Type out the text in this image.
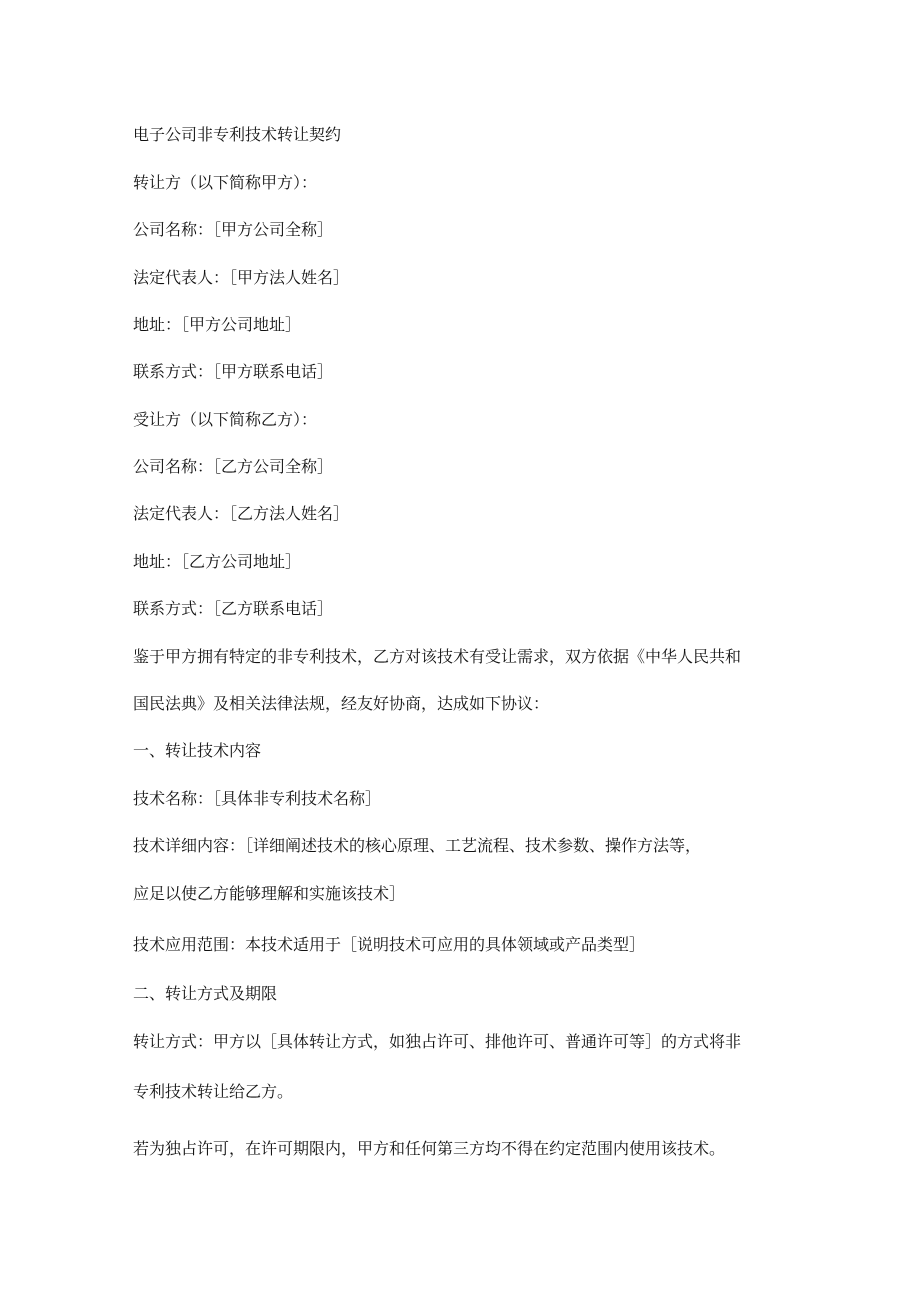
电子公司非专利技术转让契约

转让方（以下简称甲方）：

公司名称：［甲方公司全称］

法定代表人：［甲方法人姓名］

地址：［甲方公司地址］

联系方式：［甲方联系电话］

受让方（以下简称乙方）：

公司名称：［乙方公司全称］

法定代表人：［乙方法人姓名］

地址：［乙方公司地址］

联系方式：［乙方联系电话］

鉴于甲方拥有特定的非专利技术，乙方对该技术有受让需求，双方依据《中华人民共和

国民法典》及相关法律法规，经友好协商，达成如下协议：

一、转让技术内容

技术名称：［具体非专利技术名称］

技术详细内容：［详细阐述技术的核心原理、工艺流程、技术参数、操作方法等，

应足以使乙方能够理解和实施该技术］

技术应用范围：本技术适用于［说明技术可应用的具体领域或产品类型］

二、转让方式及期限

转让方式：甲方以［具体转让方式，如独占许可、排他许可、普通许可等］的方式将非

专利技术转让给乙方。

若为独占许可，在许可期限内，甲方和任何第三方均不得在约定范围内使用该技术。
